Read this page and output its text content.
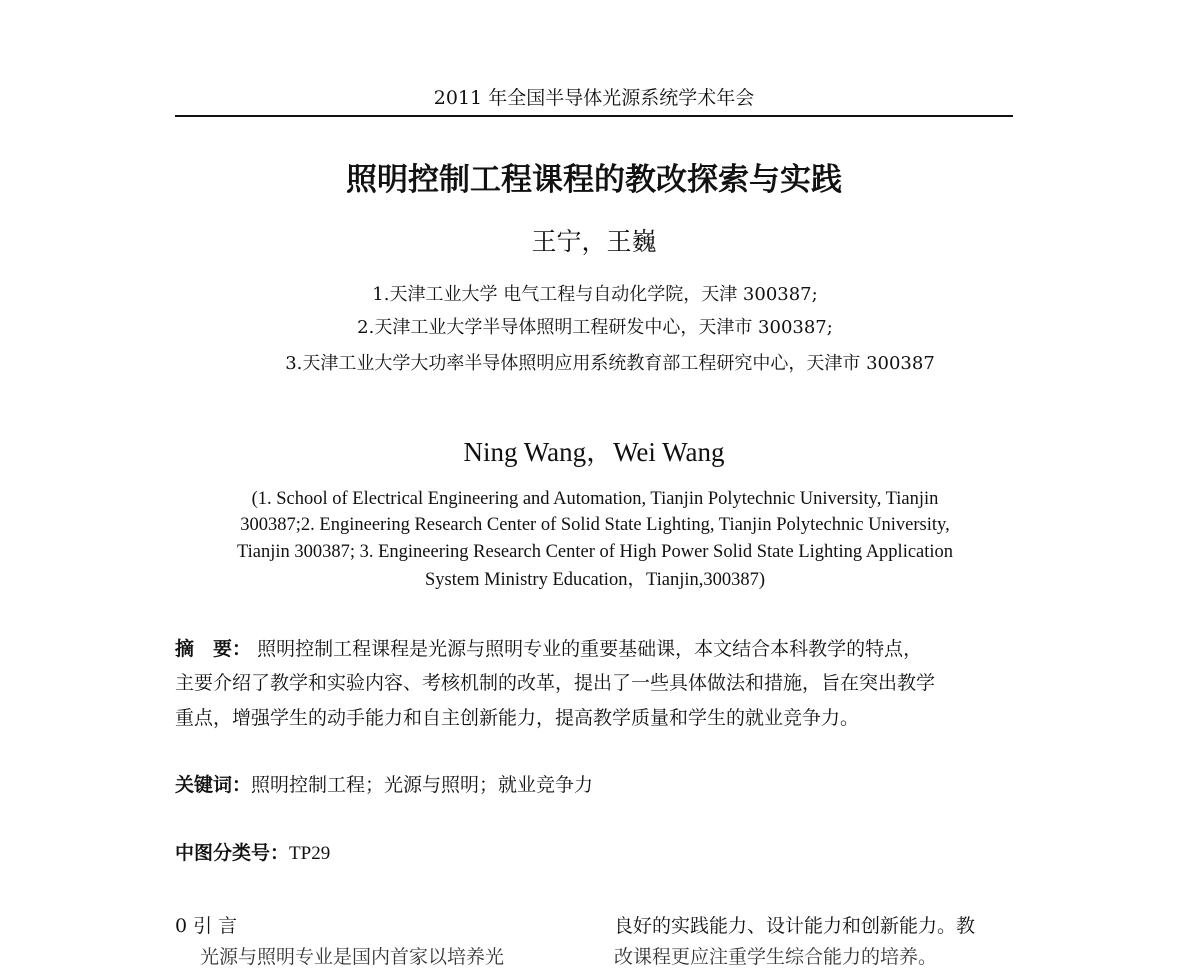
2011 年全国半导体光源系统学术年会
照明控制工程课程的教改探索与实践
王宁，王巍
1.天津工业大学 电气工程与自动化学院，天津 300387;
2.天津工业大学半导体照明工程研发中心，天津市 300387;
3.天津工业大学大功率半导体照明应用系统教育部工程研究中心，天津市 300387
Ning Wang，Wei Wang
(1. School of Electrical Engineering and Automation, Tianjin Polytechnic University, Tianjin
300387;2. Engineering Research Center of Solid State Lighting, Tianjin Polytechnic University,
Tianjin 300387; 3. Engineering Research Center of High Power Solid State Lighting Application
System Ministry Education，Tianjin,300387)
摘　要： 照明控制工程课程是光源与照明专业的重要基础课，本文结合本科教学的特点，
主要介绍了教学和实验内容、考核机制的改革，提出了一些具体做法和措施，旨在突出教学
重点，增强学生的动手能力和自主创新能力，提高教学质量和学生的就业竞争力。
关键词：照明控制工程；光源与照明；就业竞争力
中图分类号：TP29
0 引 言
光源与照明专业是国内首家以培养光
良好的实践能力、设计能力和创新能力。教
改课程更应注重学生综合能力的培养。
